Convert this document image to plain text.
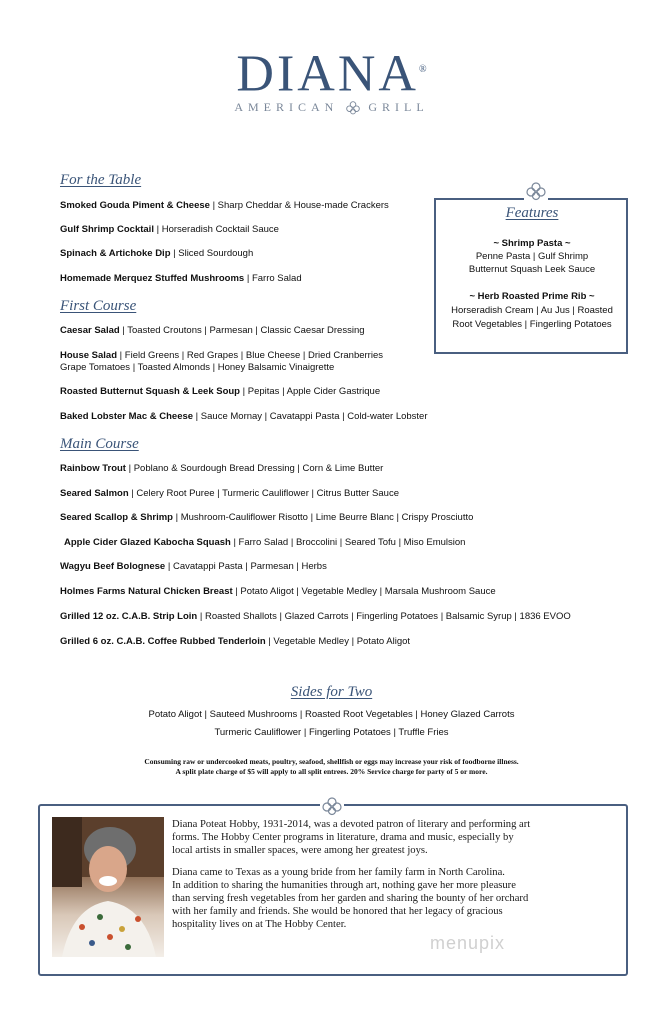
DIANA®
AMERICAN	GRILL
For the Table
Smoked Gouda Piment & Cheese | Sharp Cheddar & House-made Crackers
Gulf Shrimp Cocktail | Horseradish Cocktail Sauce
Spinach & Artichoke Dip | Sliced Sourdough
Homemade Merquez Stuffed Mushrooms | Farro Salad
First Course
Caesar Salad | Toasted Croutons | Parmesan | Classic Caesar Dressing
House Salad | Field Greens | Red Grapes | Blue Cheese | Dried Cranberries
Grape Tomatoes | Toasted Almonds | Honey Balsamic Vinaigrette
Roasted Butternut Squash & Leek Soup | Pepitas | Apple Cider Gastrique
Baked Lobster Mac & Cheese | Sauce Mornay | Cavatappi Pasta | Cold-water Lobster
Main Course
Rainbow Trout | Poblano & Sourdough Bread Dressing | Corn & Lime Butter
Seared Salmon | Celery Root Puree | Turmeric Cauliflower | Citrus Butter Sauce
Seared Scallop & Shrimp | Mushroom-Cauliflower Risotto | Lime Beurre Blanc | Crispy Prosciutto
Apple Cider Glazed Kabocha Squash | Farro Salad | Broccolini | Seared Tofu | Miso Emulsion
Wagyu Beef Bolognese | Cavatappi Pasta | Parmesan | Herbs
Holmes Farms Natural Chicken Breast | Potato Aligot | Vegetable Medley | Marsala Mushroom Sauce
Grilled 12 oz. C.A.B. Strip Loin | Roasted Shallots | Glazed Carrots | Fingerling Potatoes | Balsamic Syrup | 1836 EVOO
Grilled 6 oz. C.A.B. Coffee Rubbed Tenderloin | Vegetable Medley | Potato Aligot
Features
~ Shrimp Pasta ~
Penne Pasta | Gulf Shrimp
Butternut Squash Leek Sauce
~ Herb Roasted Prime Rib ~
Horseradish Cream | Au Jus | Roasted
Root Vegetables | Fingerling Potatoes
Sides for Two
Potato Aligot | Sauteed Mushrooms | Roasted Root Vegetables | Honey Glazed Carrots
Turmeric Cauliflower | Fingerling Potatoes | Truffle Fries
Consuming raw or undercooked meats, poultry, seafood, shellfish or eggs may increase your risk of foodborne illness.
A split plate charge of $5 will apply to all split entrees. 20% Service charge for party of 5 or more.
Diana Poteat Hobby, 1931-2014, was a devoted patron of literary and performing art
forms. The Hobby Center programs in literature, drama and music, especially by
local artists in smaller spaces, were among her greatest joys.
Diana came to Texas as a young bride from her family farm in North Carolina.
In addition to sharing the humanities through art, nothing gave her more pleasure
than serving fresh vegetables from her garden and sharing the bounty of her orchard
with her family and friends. She would be honored that her legacy of gracious
hospitality lives on at The Hobby Center.
menupix
